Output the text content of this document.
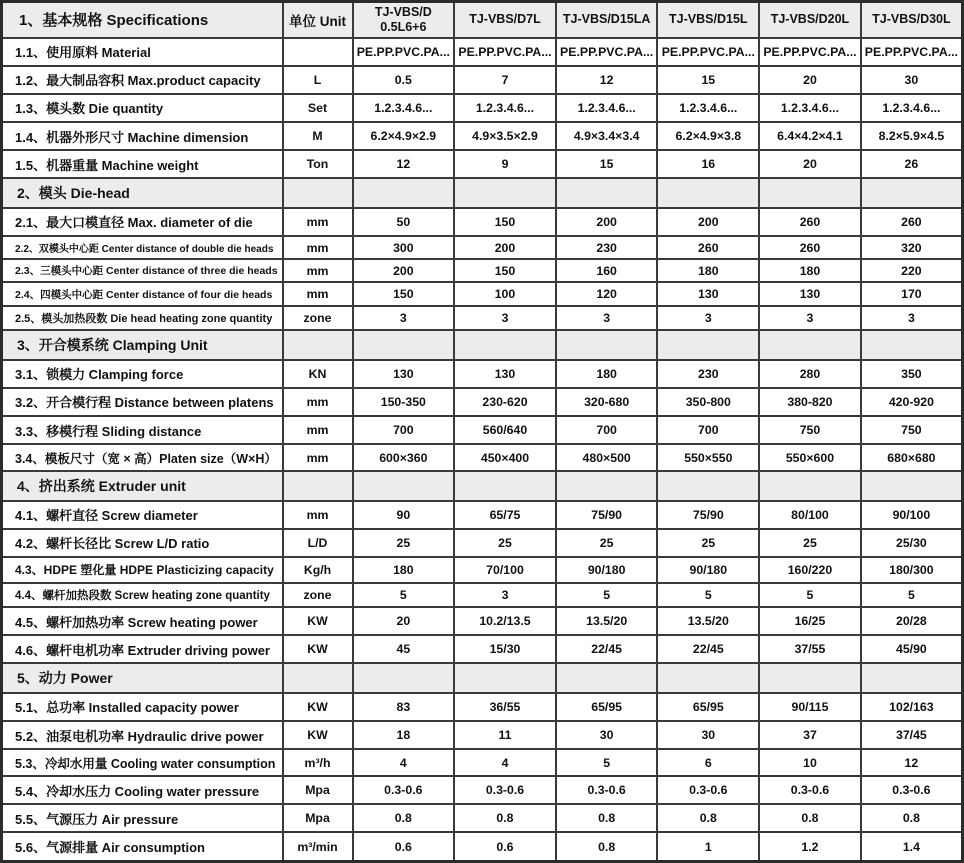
1、基本规格 Specifications	单位 Unit	TJ-VBS/D 0.5L6+6	TJ-VBS/D7L	TJ-VBS/D15LA	TJ-VBS/D15L	TJ-VBS/D20L	TJ-VBS/D30L
1.1、使用原料 Material		PE.PP.PVC.PA...	PE.PP.PVC.PA...	PE.PP.PVC.PA...	PE.PP.PVC.PA...	PE.PP.PVC.PA...	PE.PP.PVC.PA...
1.2、最大制品容积 Max.product capacity	L	0.5	7	12	15	20	30
1.3、模头数 Die quantity	Set	1.2.3.4.6...	1.2.3.4.6...	1.2.3.4.6...	1.2.3.4.6...	1.2.3.4.6...	1.2.3.4.6...
1.4、机器外形尺寸 Machine dimension	M	6.2×4.9×2.9	4.9×3.5×2.9	4.9×3.4×3.4	6.2×4.9×3.8	6.4×4.2×4.1	8.2×5.9×4.5
1.5、机器重量 Machine weight	Ton	12	9	15	16	20	26
2、模头 Die-head							
2.1、最大口模直径 Max. diameter of die	mm	50	150	200	200	260	260
2.2、双模头中心距 Center distance of double die heads	mm	300	200	230	260	260	320
2.3、三模头中心距 Center distance of three die heads	mm	200	150	160	180	180	220
2.4、四模头中心距 Center distance of four die heads	mm	150	100	120	130	130	170
2.5、模头加热段数 Die head heating zone quantity	zone	3	3	3	3	3	3
3、开合模系统 Clamping Unit							
3.1、锁模力 Clamping force	KN	130	130	180	230	280	350
3.2、开合模行程 Distance between platens	mm	150-350	230-620	320-680	350-800	380-820	420-920
3.3、移模行程 Sliding distance	mm	700	560/640	700	700	750	750
3.4、模板尺寸（宽 × 高）Platen size（W×H）	mm	600×360	450×400	480×500	550×550	550×600	680×680
4、挤出系统 Extruder unit							
4.1、螺杆直径 Screw diameter	mm	90	65/75	75/90	75/90	80/100	90/100
4.2、螺杆长径比 Screw L/D ratio	L/D	25	25	25	25	25	25/30
4.3、HDPE 塑化量 HDPE Plasticizing capacity	Kg/h	180	70/100	90/180	90/180	160/220	180/300
4.4、螺杆加热段数 Screw heating zone quantity	zone	5	3	5	5	5	5
4.5、螺杆加热功率 Screw heating power	KW	20	10.2/13.5	13.5/20	13.5/20	16/25	20/28
4.6、螺杆电机功率 Extruder driving power	KW	45	15/30	22/45	22/45	37/55	45/90
5、动力 Power							
5.1、总功率 Installed capacity power	KW	83	36/55	65/95	65/95	90/115	102/163
5.2、油泵电机功率 Hydraulic drive power	KW	18	11	30	30	37	37/45
5.3、冷却水用量 Cooling water consumption	m³/h	4	4	5	6	10	12
5.4、冷却水压力 Cooling water pressure	Mpa	0.3-0.6	0.3-0.6	0.3-0.6	0.3-0.6	0.3-0.6	0.3-0.6
5.5、气源压力 Air pressure	Mpa	0.8	0.8	0.8	0.8	0.8	0.8
5.6、气源排量 Air consumption	m³/min	0.6	0.6	0.8	1	1.2	1.4
